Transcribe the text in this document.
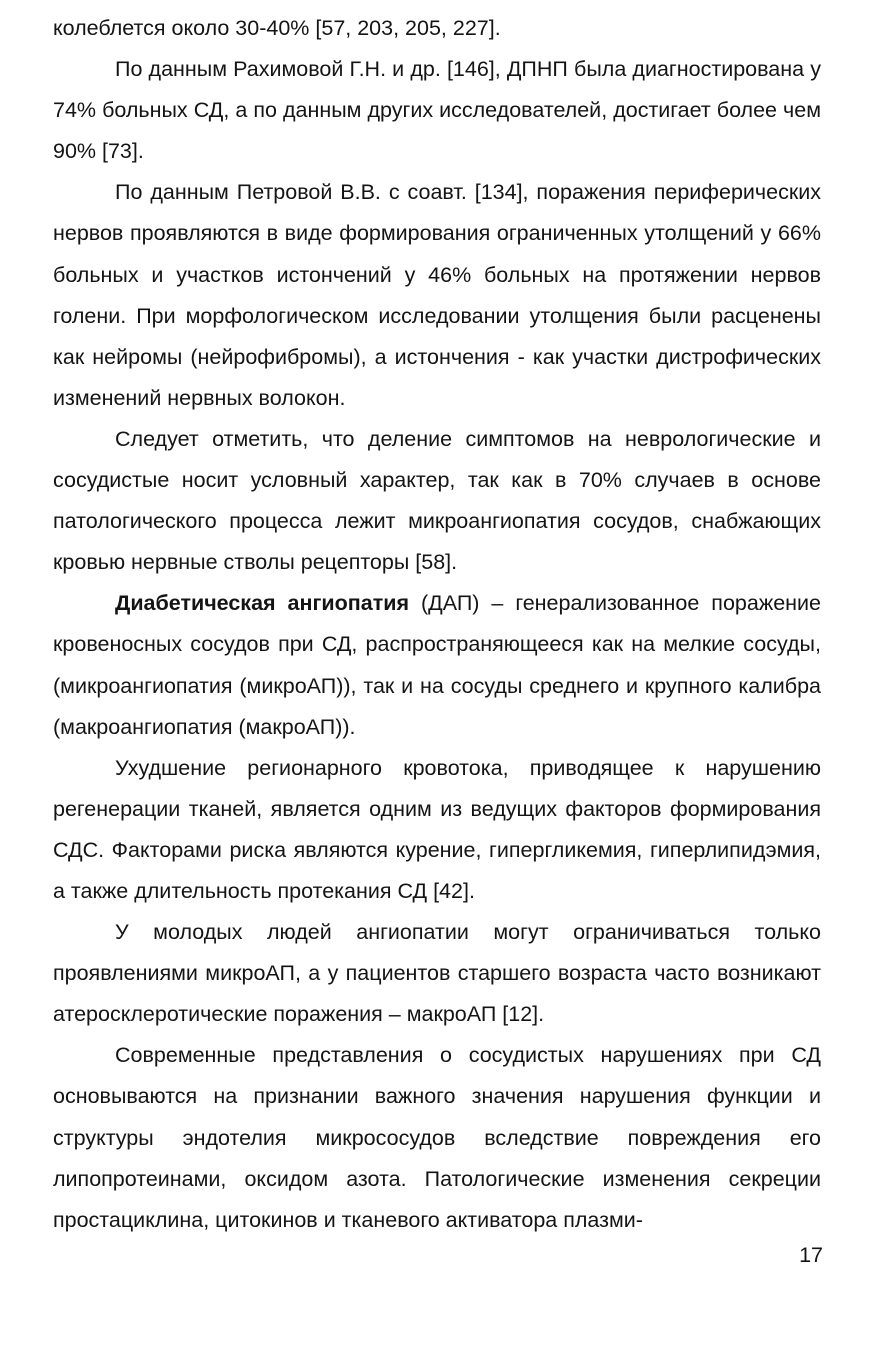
колеблется около 30-40% [57, 203, 205, 227].

По данным Рахимовой Г.Н. и др. [146], ДПНП была диагностирована у 74% больных СД, а по данным других исследователей, достигает более чем 90% [73].

По данным Петровой В.В. с соавт. [134], поражения периферических нервов проявляются в виде формирования ограниченных утолщений у 66% больных и участков истончений у 46% больных на протяжении нервов голени. При морфологическом исследовании утолщения были расценены как нейромы (нейрофибромы), а истончения - как участки дистрофических изменений нервных волокон.

Следует отметить, что деление симптомов на неврологические и сосудистые носит условный характер, так как в 70% случаев в основе патологического процесса лежит микроангиопатия сосудов, снабжающих кровью нервные стволы рецепторы [58].

Диабетическая ангиопатия (ДАП) – генерализованное поражение кровеносных сосудов при СД, распространяющееся как на мелкие сосуды, (микроангиопатия (микроАП)), так и на сосуды среднего и крупного калибра (макроангиопатия (макроАП)).

Ухудшение регионарного кровотока, приводящее к нарушению регенерации тканей, является одним из ведущих факторов формирования СДС. Факторами риска являются курение, гипергликемия, гиперлипидэмия, а также длительность протекания СД [42].

У молодых людей ангиопатии могут ограничиваться только проявлениями микроАП, а у пациентов старшего возраста часто возникают атеросклеротические поражения – макроАП [12].

Современные представления о сосудистых нарушениях при СД основываются на признании важного значения нарушения функции и структуры эндотелия микрососудов вследствие повреждения его липопротеинами, оксидом азота. Патологические изменения секреции простациклина, цитокинов и тканевого активатора плазми-

17
